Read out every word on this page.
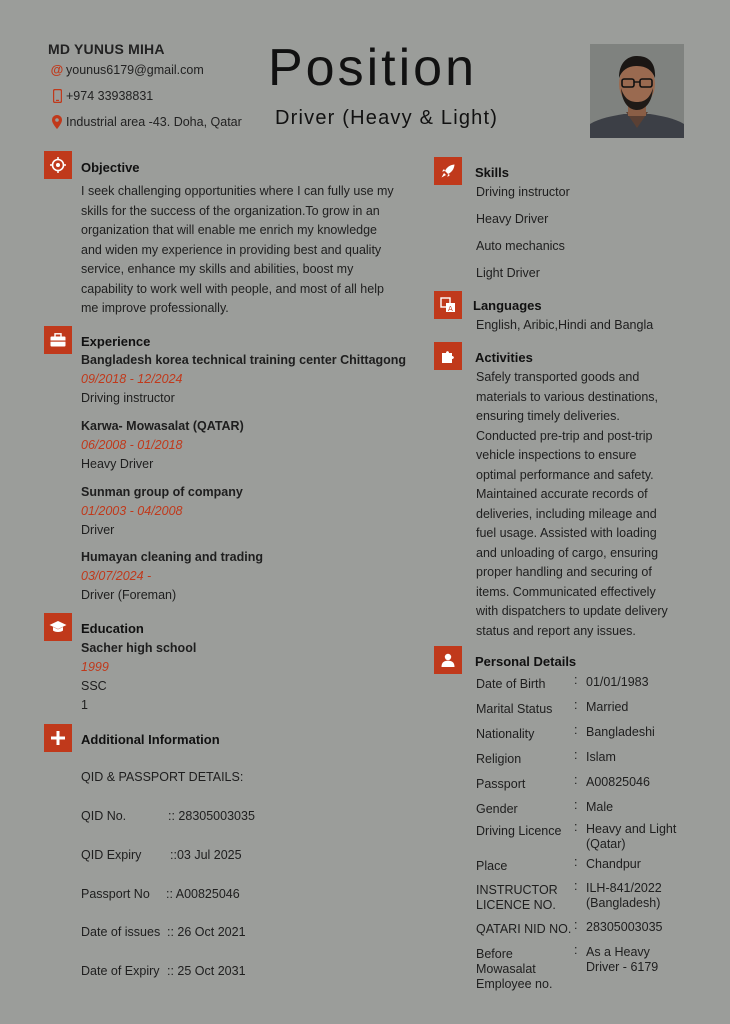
MD YUNUS MIHA
@ younus6179@gmail.com
+974 33938831
Industrial area -43. Doha, Qatar
Position
Driver (Heavy & Light)
Objective
I seek challenging opportunities where I can fully use my
skills for the success of the organization.To grow in an
organization that will enable me enrich my knowledge
and widen my experience in providing best and quality
service, enhance my skills and abilities, boost my
capability to work well with people, and most of all help
me improve professionally.
Experience
Bangladesh korea technical training center Chittagong
09/2018 - 12/2024
Driving instructor
Karwa- Mowasalat (QATAR)
06/2008 - 01/2018
Heavy Driver
Sunman group of company
01/2003 - 04/2008
Driver
Humayan cleaning and trading
03/07/2024 -
Driver (Foreman)
Education
Sacher high school
1999
SSC
1
Additional Information
QID & PASSPORT DETAILS:
QID No.	:: 28305003035
QID Expiry ::03 Jul 2025
Passport No :: A00825046
Date of issues :: 26 Oct 2021
Date of Expiry :: 25 Oct 2031
Skills
Driving instructor
Heavy Driver
Auto mechanics
Light Driver
A Languages
English, Aribic,Hindi and Bangla
Activities
Safely transported goods and
materials to various destinations,
ensuring timely deliveries.
Conducted pre-trip and post-trip
vehicle inspections to ensure
optimal performance and safety.
Maintained accurate records of
deliveries, including mileage and
fuel usage. Assisted with loading
and unloading of cargo, ensuring
proper handling and securing of
items. Communicated effectively
with dispatchers to update delivery
status and report any issues.
Personal Details
Date of Birth : 01/01/1983
Marital Status : Married
Nationality	: Bangladeshi
Religion	: Islam
Passport	: A00825046
Gender	: Male
Driving Licence : Heavy and Light
(Qatar)
Place	: Chandpur
INSTRUCTOR
LICENCE NO.
: ILH-841/2022
(Bangladesh)
QATARI NID NO. : 28305003035
Before
Mowasalat
Employee no.
: As a Heavy
Driver - 6179
